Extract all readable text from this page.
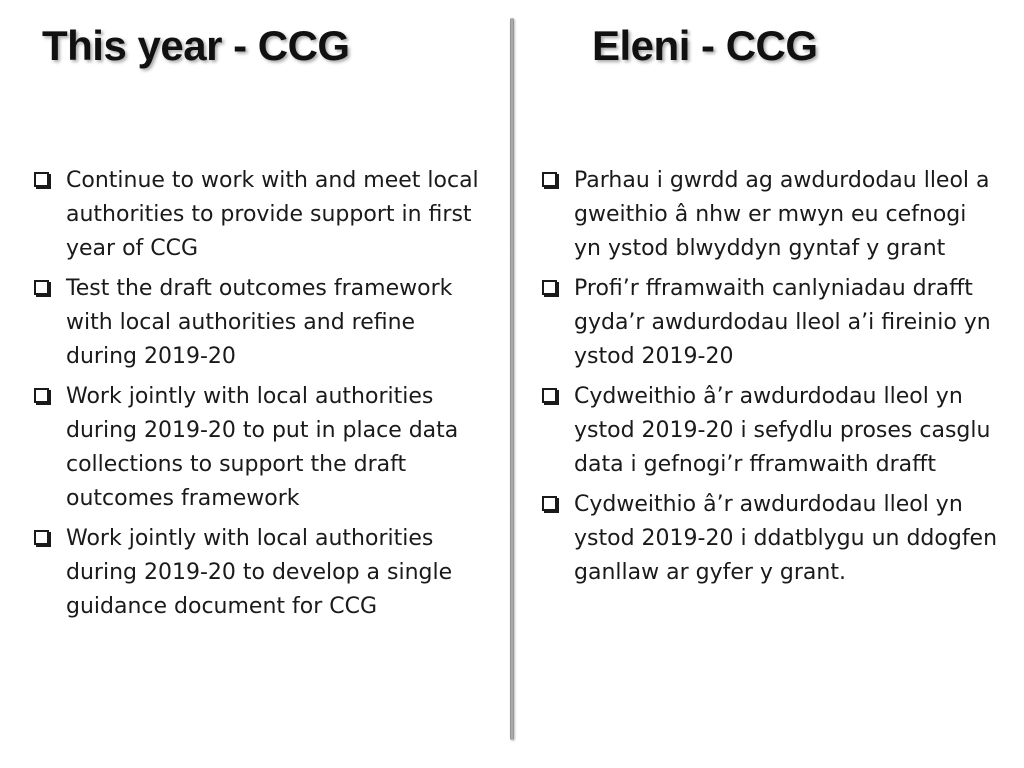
This year - CCG	Eleni - CCG
Continue to work with and meet local authorities to provide support in first year of CCG
Test the draft outcomes framework with local authorities and refine during 2019-20
Work jointly with local authorities during 2019-20 to put in place data collections to support the draft outcomes framework
Work jointly with local authorities during 2019-20 to develop a single guidance document for CCG
Parhau i gwrdd ag awdurdodau lleol a gweithio â nhw er mwyn eu cefnogi yn ystod blwyddyn gyntaf y grant
Profi’r fframwaith canlyniadau drafft gyda’r awdurdodau lleol a’i fireinio yn ystod 2019-20
Cydweithio â’r awdurdodau lleol yn ystod 2019-20 i sefydlu proses casglu data i gefnogi’r fframwaith drafft
Cydweithio â’r awdurdodau lleol yn ystod 2019-20 i ddatblygu un ddogfen ganllaw ar gyfer y grant.
